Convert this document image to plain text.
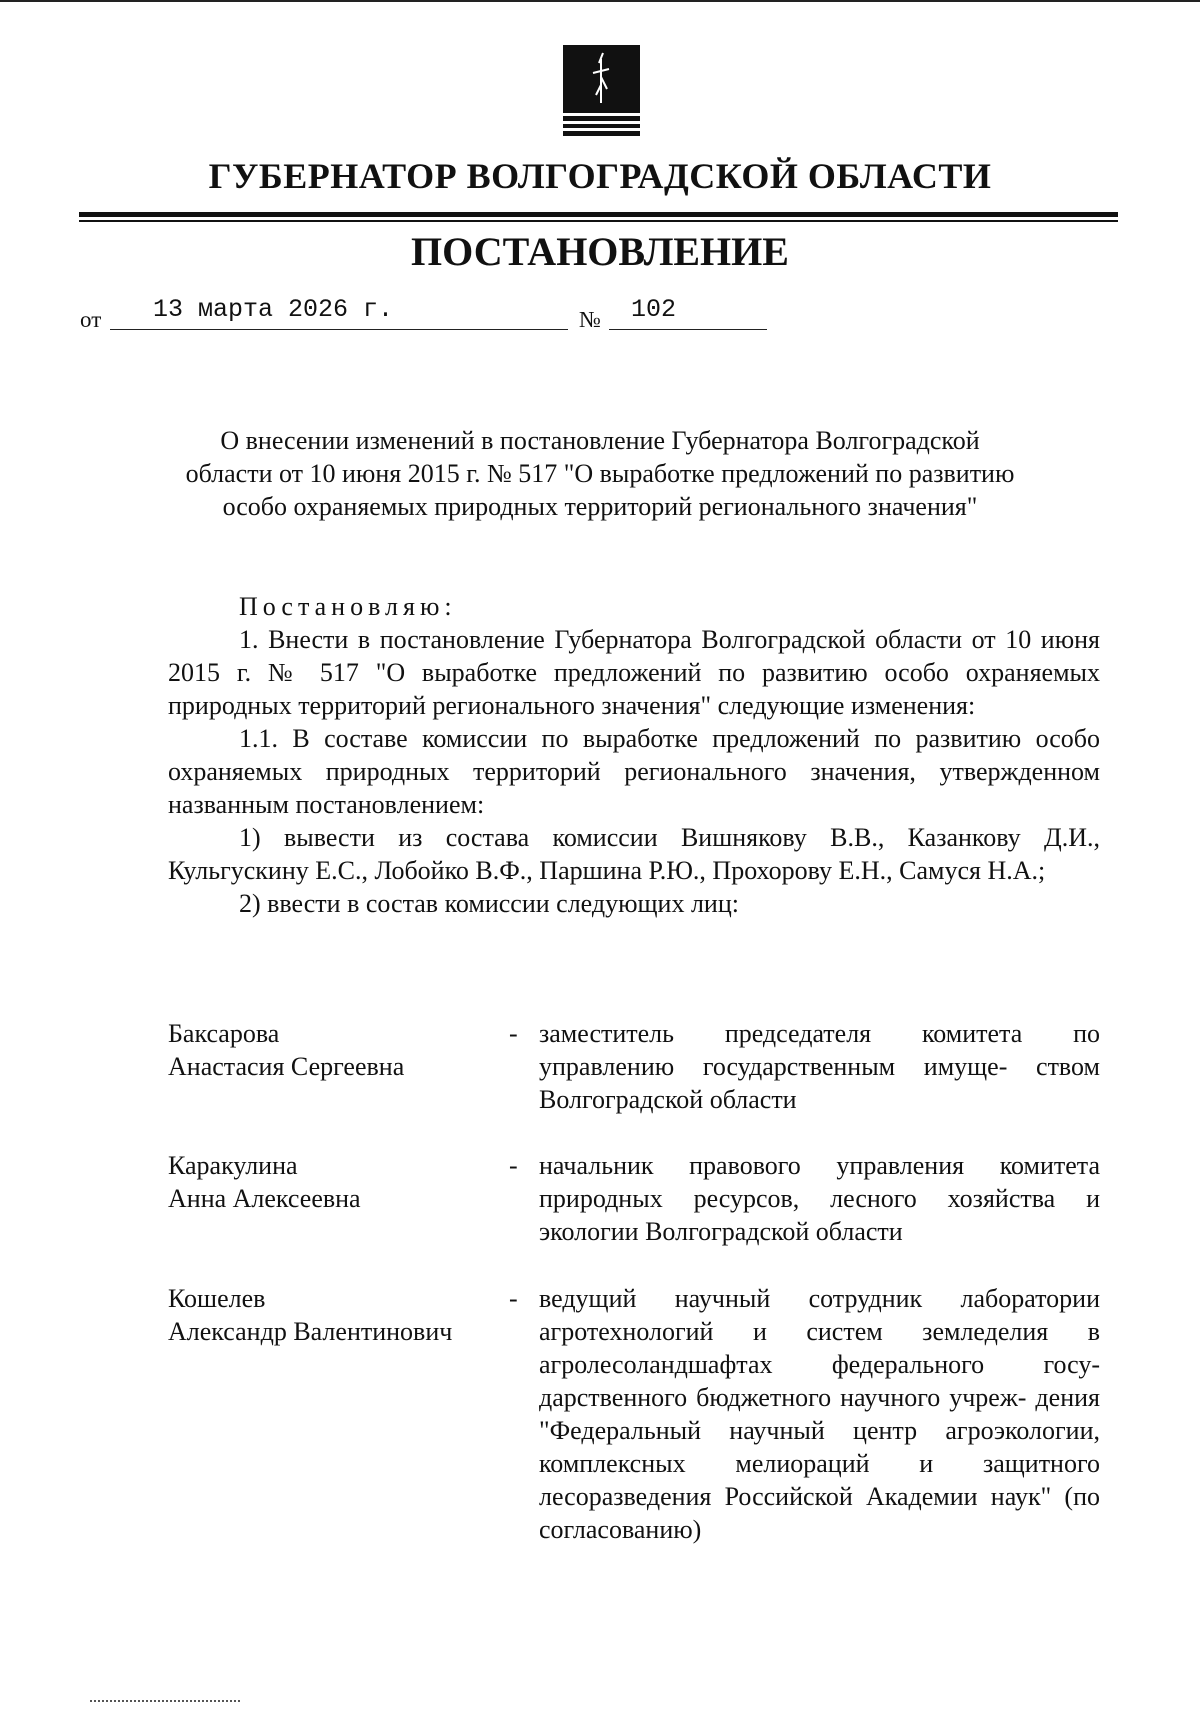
ГУБЕРНАТОР ВОЛГОГРАДСКОЙ ОБЛАСТИ
ПОСТАНОВЛЕНИЕ
от 13 марта 2026 г.	№ 102
О внесении изменений в постановление Губернатора Волгоградской
области от 10 июня 2015 г. № 517 "О выработке предложений по развитию
особо охраняемых природных территорий регионального значения"

Постановляю:

1. Внести в постановление Губернатора Волгоградской области от 10 июня 2015 г. № 517 "О выработке предложений по развитию особо охраняемых природных территорий регионального значения" следующие изменения:

1.1. В составе комиссии по выработке предложений по развитию особо охраняемых природных территорий регионального значения, утвержденном названным постановлением:

1) вывести из состава комиссии Вишнякову В.В., Казанкову Д.И., Кульгускину Е.С., Лобойко В.Ф., Паршина Р.Ю., Прохорову Е.Н., Самуся Н.А.;

2) ввести в состав комиссии следующих лиц:

Баксарова
Анастасия Сергеевна
- заместитель председателя комитета по управлению государственным имуще- ством Волгоградской области
Каракулина
Анна Алексеевна
- начальник правового управления комитета природных ресурсов, лесного хозяйства и экологии Волгоградской области
Кошелев
Александр Валентинович
- ведущий научный сотрудник лаборатории агротехнологий и систем земледелия в агролесоландшафтах федерального госу- дарственного бюджетного научного учреж- дения "Федеральный научный центр агроэкологии, комплексных мелиораций и защитного лесоразведения Российской Академии наук" (по согласованию)
